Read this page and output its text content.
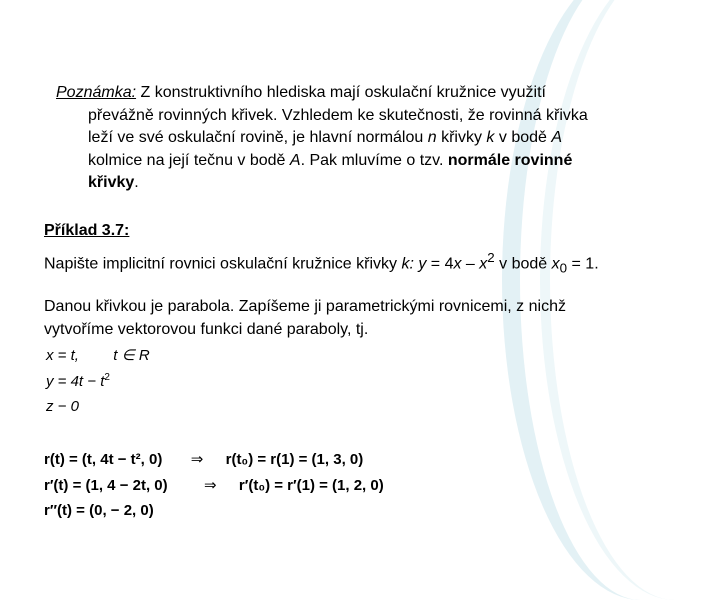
Poznámka: Z konstruktivního hlediska mají oskulační kružnice využití
převážně rovinných křivek. Vzhledem ke skutečnosti, že rovinná křivka
leží ve své oskulační rovině, je hlavní normálou n křivky k v bodě A
kolmice na její tečnu v bodě A. Pak mluvíme o tzv. normále rovinné
křivky.
Příklad 3.7:
Napište implicitní rovnici oskulační kružnice křivky k: $y = 4x - x^2$ v bodě $x_0 = 1$.
Danou křivkou je parabola. Zapíšeme ji parametrickými rovnicemi, z nichž
vytvoříme vektorovou funkci dané paraboly, tj.
x = t, t ∈ R
$y = 4t - t^2$
z − 0
r(t) = (t, 4t − t², 0) ⇒ r(t₀) = r(1) = (1, 3, 0)
r′(t) = (1, 4 − 2t, 0) ⇒ r′(t₀) = r′(1) = (1, 2, 0)
r″(t) = (0, − 2, 0)
